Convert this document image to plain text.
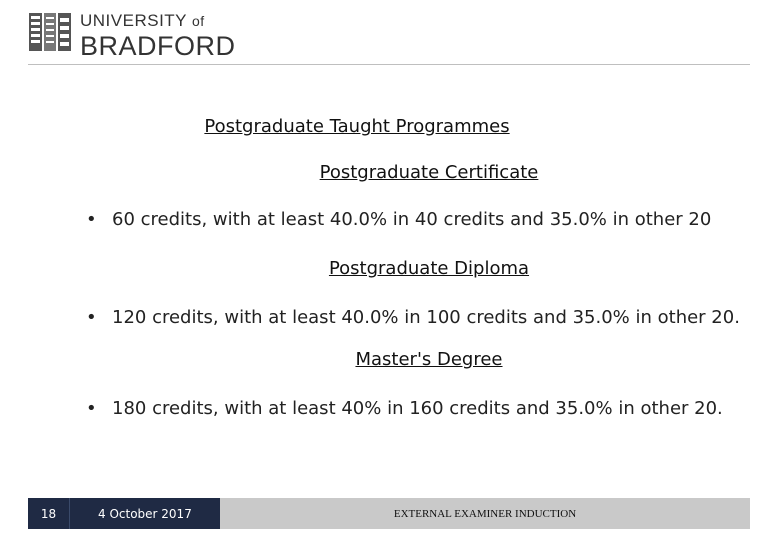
UNIVERSITY of
BRADFORD
Postgraduate Taught Programmes
Postgraduate Certificate
• 60 credits, with at least 40.0% in 40 credits and 35.0% in other 20
Postgraduate Diploma
• 120 credits, with at least 40.0% in 100 credits and 35.0% in other 20.
Master's Degree
• 180 credits, with at least 40% in 160 credits and 35.0% in other 20.
18	4 October 2017	EXTERNAL EXAMINER INDUCTION
